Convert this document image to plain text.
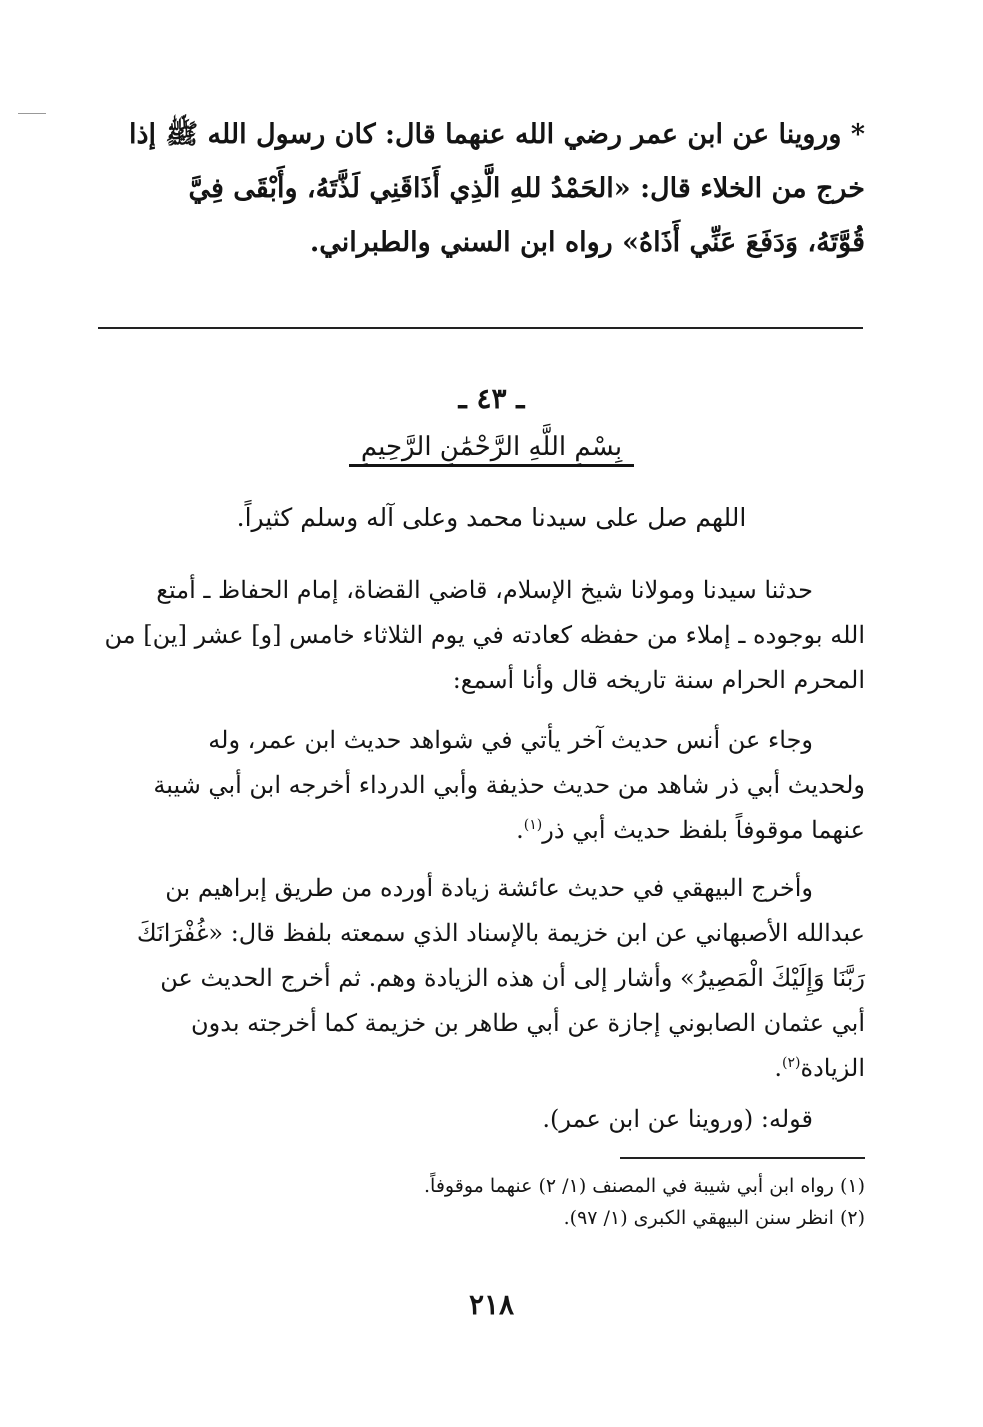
* وروينا عن ابن عمر رضي الله عنهما قال: كان رسول الله ﷺ إذا
خرج من الخلاء قال: «الحَمْدُ للهِ الَّذِي أَذَاقَنِي لَذَّتَهُ، وأَبْقَى فِيَّ
قُوَّتَهُ، وَدَفَعَ عَنِّي أَذَاهُ» رواه ابن السني والطبراني.
ـ ٤٣ ـ
بِسْمِ اللَّهِ الرَّحْمَٰنِ الرَّحِيمِ
اللهم صل على سيدنا محمد وعلى آله وسلم كثيراً.
حدثنا سيدنا ومولانا شيخ الإسلام، قاضي القضاة، إمام الحفاظ ـ أمتع
الله بوجوده ـ إملاء من حفظه كعادته في يوم الثلاثاء خامس [و] عشر [ين] من
المحرم الحرام سنة تاريخه قال وأنا أسمع:
وجاء عن أنس حديث آخر يأتي في شواهد حديث ابن عمر، وله
ولحديث أبي ذر شاهد من حديث حذيفة وأبي الدرداء أخرجه ابن أبي شيبة
عنهما موقوفاً بلفظ حديث أبي ذر$^{(١)}$.
وأخرج البيهقي في حديث عائشة زيادة أورده من طريق إبراهيم بن
عبدالله الأصبهاني عن ابن خزيمة بالإسناد الذي سمعته بلفظ قال: «غُفْرَانَكَ
رَبَّنَا وَإِلَيْكَ الْمَصِيرُ» وأشار إلى أن هذه الزيادة وهم. ثم أخرج الحديث عن
أبي عثمان الصابوني إجازة عن أبي طاهر بن خزيمة كما أخرجته بدون
الزيادة$^{(٢)}$.
قوله: (وروينا عن ابن عمر).
(١) رواه ابن أبي شيبة في المصنف (١/ ٢) عنهما موقوفاً.
(٢) انظر سنن البيهقي الكبرى (١/ ٩٧).
٢١٨
